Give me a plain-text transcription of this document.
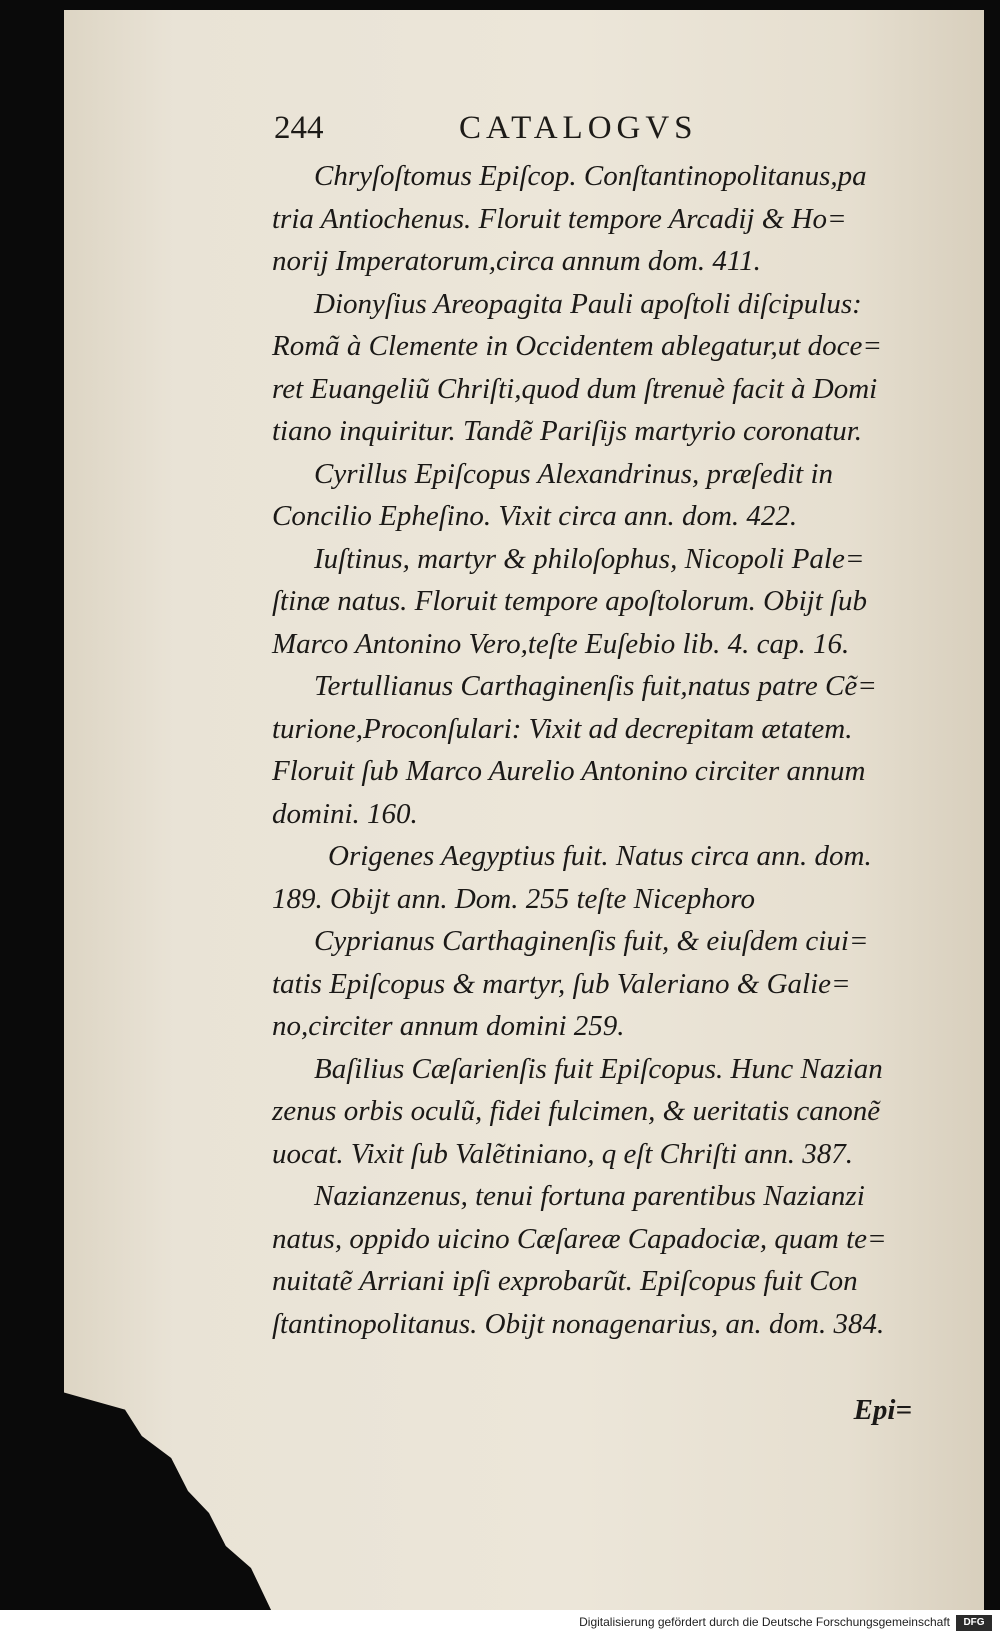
244	CATALOGVS
Chryſoſtomus Epiſcop. Conſtantinopolitanus,pa
tria Antiochenus. Floruit tempore Arcadij & Ho=
norij Imperatorum,circa annum dom. 411.
Dionyſius Areopagita Pauli apoſtoli diſcipulus:
Romã à Clemente in Occidentem ablegatur,ut doce=
ret Euangeliũ Chriſti,quod dum ſtrenuè facit à Domi
tiano inquiritur. Tandẽ Pariſijs martyrio coronatur.
Cyrillus Epiſcopus Alexandrinus, præſedit in
Concilio Epheſino. Vixit circa ann. dom. 422.
Iuſtinus, martyr & philoſophus, Nicopoli Pale=
ſtinæ natus. Floruit tempore apoſtolorum. Obijt ſub
Marco Antonino Vero,teſte Euſebio lib. 4. cap. 16.
Tertullianus Carthaginenſis fuit,natus patre Cẽ=
turione,Proconſulari: Vixit ad decrepitam ætatem.
Floruit ſub Marco Aurelio Antonino circiter annum
domini. 160.
Origenes Aegyptius fuit. Natus circa ann. dom.
189. Obijt ann. Dom. 255 teſte Nicephoro
Cyprianus Carthaginenſis fuit, & eiuſdem ciui=
tatis Epiſcopus & martyr, ſub Valeriano & Galie=
no,circiter annum domini 259.
Baſilius Cæſarienſis fuit Epiſcopus. Hunc Nazian
zenus orbis oculũ, fidei fulcimen, & ueritatis canonẽ
uocat. Vixit ſub Valẽtiniano, q eſt Chriſti ann. 387.
Nazianzenus, tenui fortuna parentibus Nazianzi
natus, oppido uicino Cæſareæ Capadociæ, quam te=
nuitatẽ Arriani ipſi exprobarũt. Epiſcopus fuit Con
ſtantinopolitanus. Obijt nonagenarius, an. dom. 384.
Epi=
Digitalisierung gefördert durch die Deutsche Forschungsgemeinschaft	DFG
